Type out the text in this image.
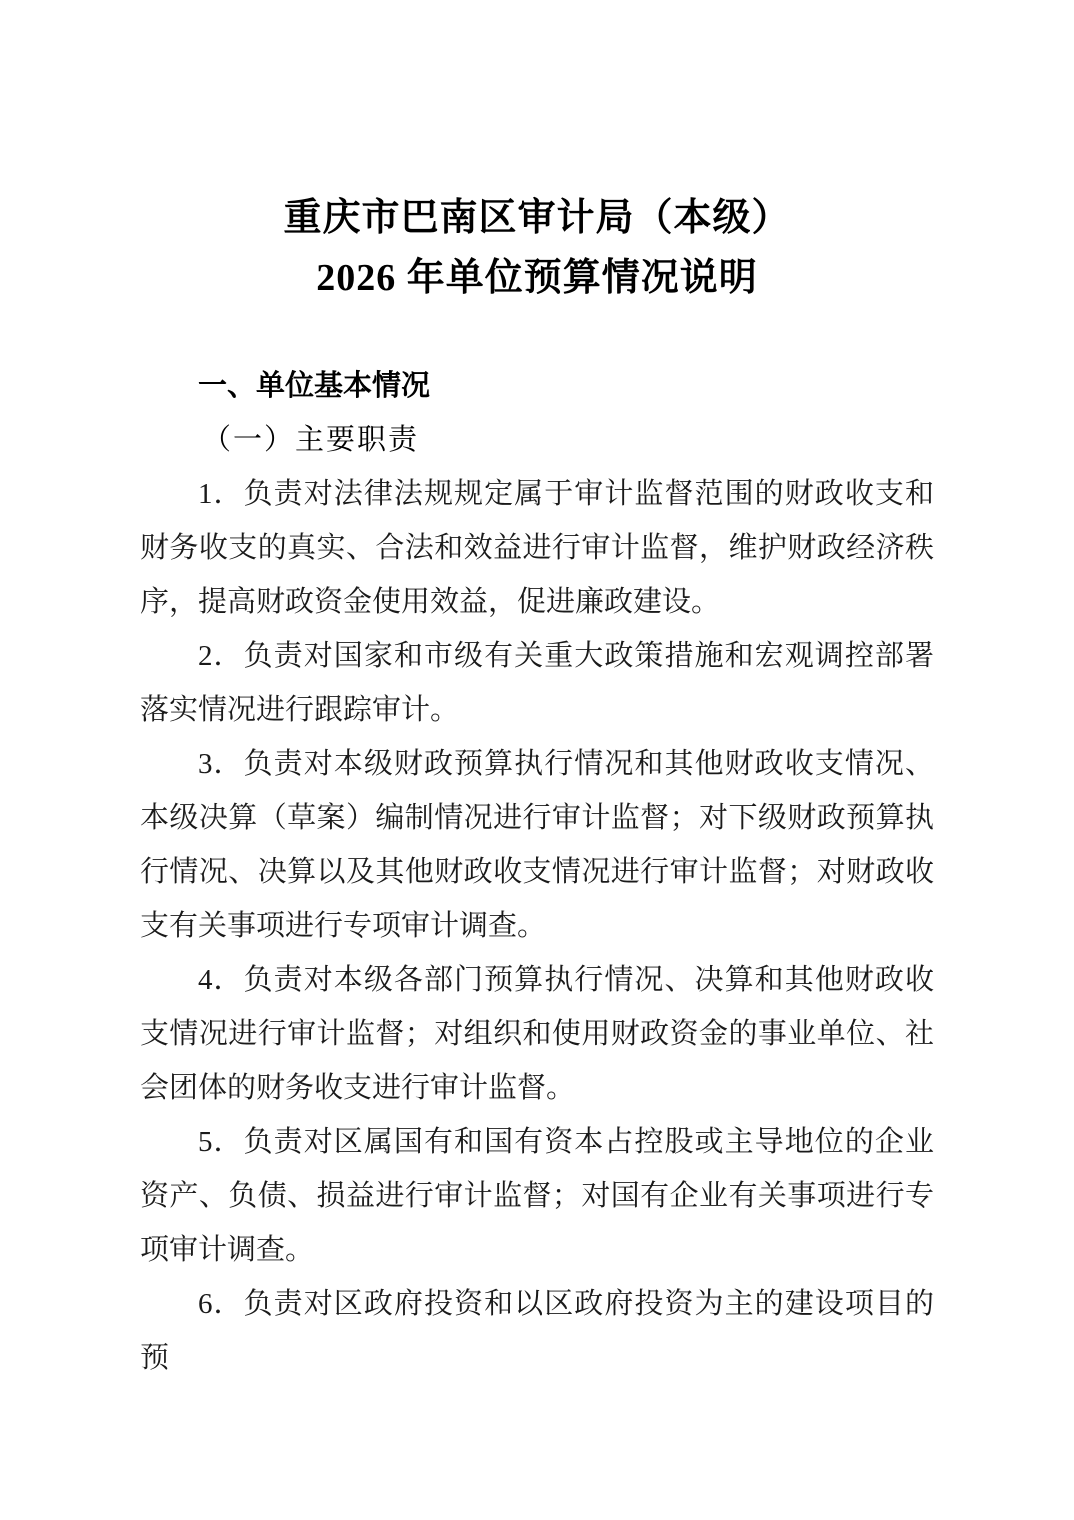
重庆市巴南区审计局（本级）
2026 年单位预算情况说明
一、单位基本情况
（一）主要职责

1．负责对法律法规规定属于审计监督范围的财政收支和财务收支的真实、合法和效益进行审计监督，维护财政经济秩序，提高财政资金使用效益，促进廉政建设。

2．负责对国家和市级有关重大政策措施和宏观调控部署落实情况进行跟踪审计。

3．负责对本级财政预算执行情况和其他财政收支情况、本级决算（草案）编制情况进行审计监督；对下级财政预算执行情况、决算以及其他财政收支情况进行审计监督；对财政收支有关事项进行专项审计调查。

4．负责对本级各部门预算执行情况、决算和其他财政收支情况进行审计监督；对组织和使用财政资金的事业单位、社会团体的财务收支进行审计监督。

5．负责对区属国有和国有资本占控股或主导地位的企业资产、负债、损益进行审计监督；对国有企业有关事项进行专项审计调查。

6．负责对区政府投资和以区政府投资为主的建设项目的预
